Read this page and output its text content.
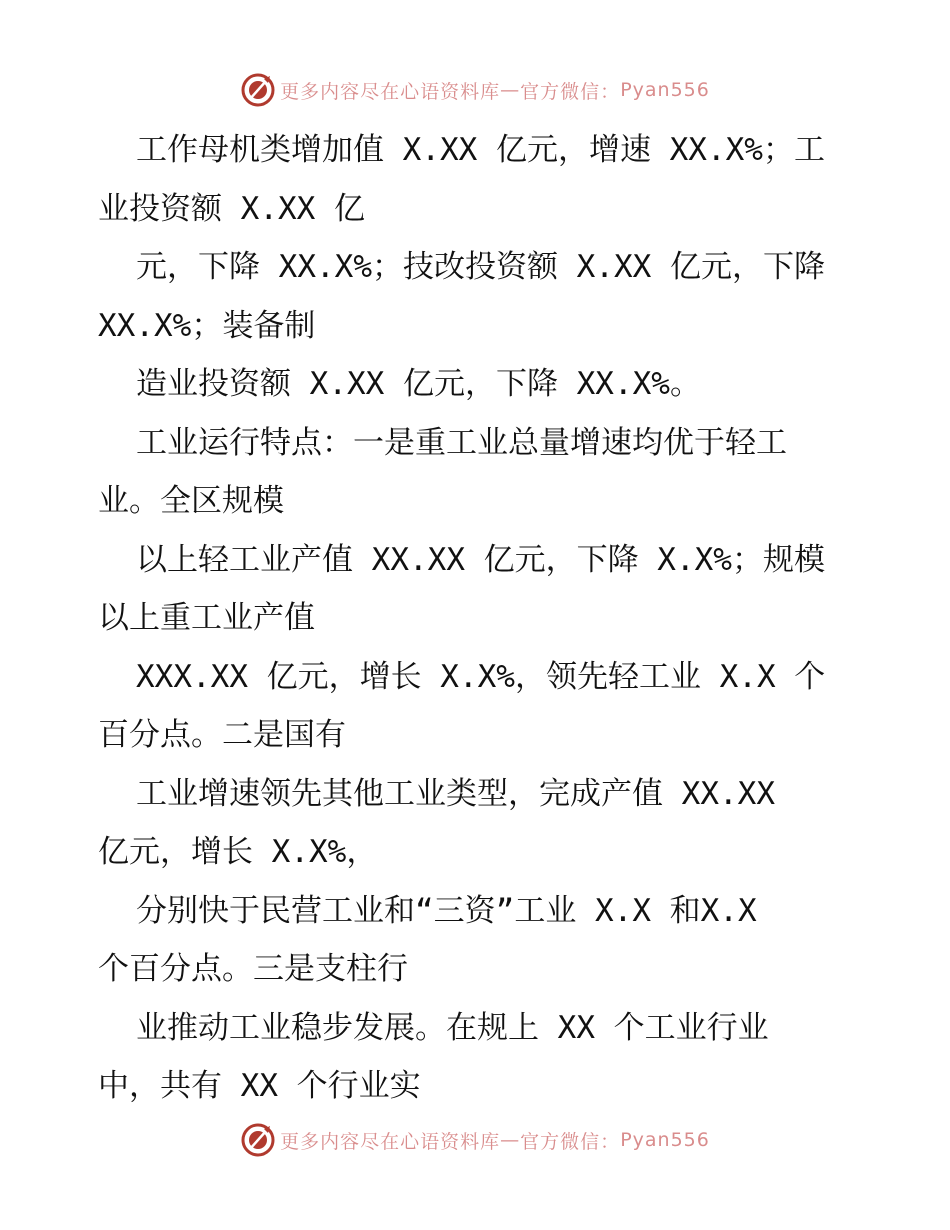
更多内容尽在心语资料库 — 官方微信： Pyan556
工作母机类增加值 X.XX 亿元，增速 XX.X%；工
业投资额 X.XX 亿
元，下降 XX.X%；技改投资额 X.XX 亿元，下降
XX.X%；装备制
造业投资额 X.XX 亿元，下降 XX.X%。
工业运行特点：一是重工业总量增速均优于轻工
业。全区规模
以上轻工业产值 XX.XX 亿元，下降 X.X%；规模
以上重工业产值
XXX.XX 亿元，增长 X.X%，领先轻工业 X.X 个
百分点。二是国有
工业增速领先其他工业类型，完成产值 XX.XX
亿元，增长 X.X%，
分别快于民营工业和“三资”工业 X.X 和X.X
个百分点。三是支柱行
业推动工业稳步发展。在规上 XX 个工业行业
中，共有 XX 个行业实
更多内容尽在心语资料库 — 官方微信： Pyan556
